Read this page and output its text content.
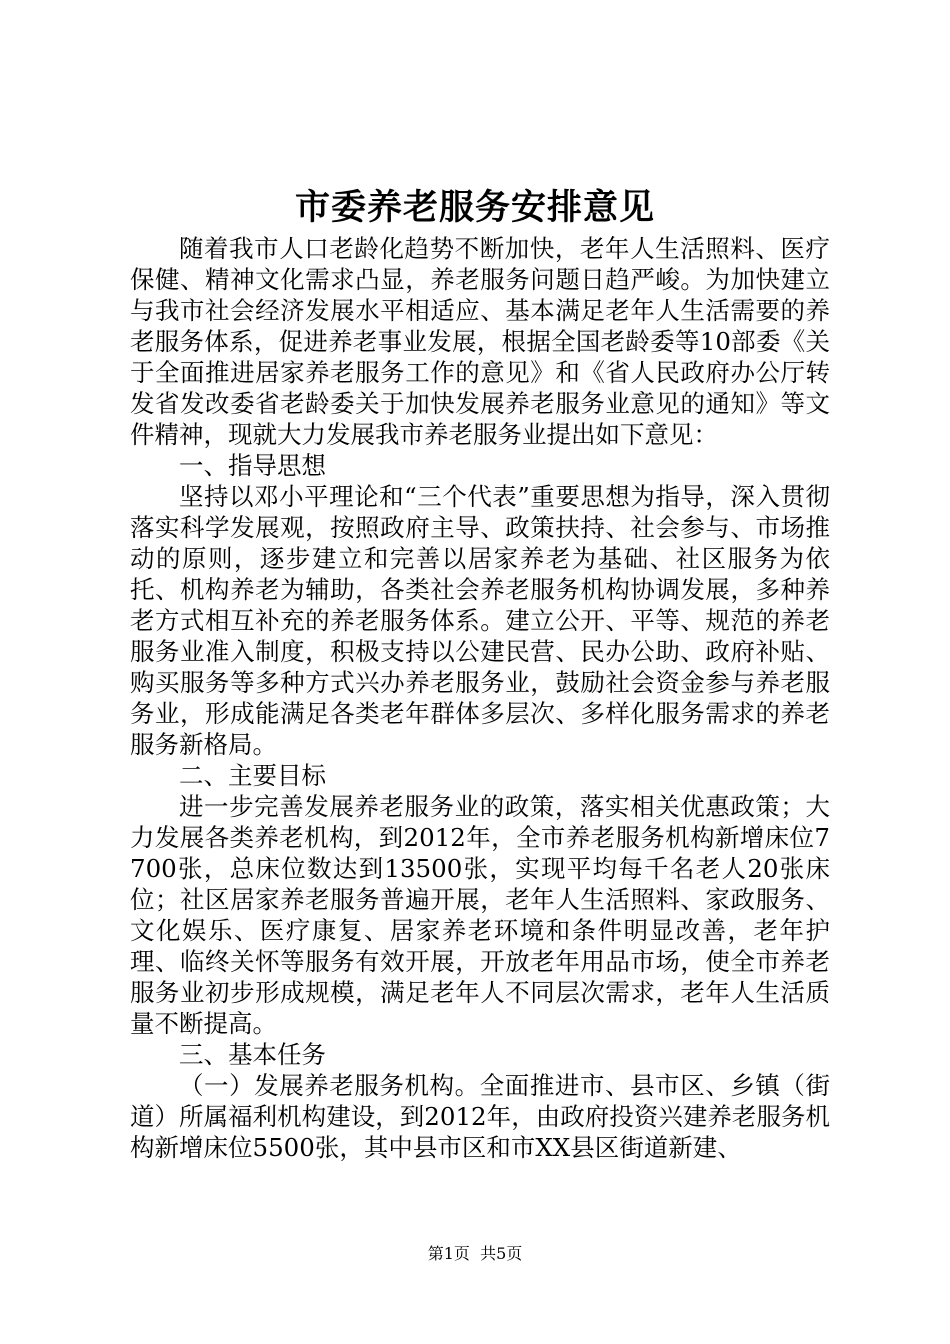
市委养老服务安排意见

随着我市人口老龄化趋势不断加快，老年人生活照料、医疗保健、精神文化需求凸显，养老服务问题日趋严峻。为加快建立与我市社会经济发展水平相适应、基本满足老年人生活需要的养老服务体系，促进养老事业发展，根据全国老龄委等10部委《关于全面推进居家养老服务工作的意见》和《省人民政府办公厅转发省发改委省老龄委关于加快发展养老服务业意见的通知》等文件精神，现就大力发展我市养老服务业提出如下意见：

一、指导思想

坚持以邓小平理论和“三个代表”重要思想为指导，深入贯彻落实科学发展观，按照政府主导、政策扶持、社会参与、市场推动的原则，逐步建立和完善以居家养老为基础、社区服务为依托、机构养老为辅助，各类社会养老服务机构协调发展，多种养老方式相互补充的养老服务体系。建立公开、平等、规范的养老服务业准入制度，积极支持以公建民营、民办公助、政府补贴、购买服务等多种方式兴办养老服务业，鼓励社会资金参与养老服务业，形成能满足各类老年群体多层次、多样化服务需求的养老服务新格局。

二、主要目标

进一步完善发展养老服务业的政策，落实相关优惠政策；大力发展各类养老机构，到2012年，全市养老服务机构新增床位7700张，总床位数达到13500张，实现平均每千名老人20张床位；社区居家养老服务普遍开展，老年人生活照料、家政服务、文化娱乐、医疗康复、居家养老环境和条件明显改善，老年护理、临终关怀等服务有效开展，开放老年用品市场，使全市养老服务业初步形成规模，满足老年人不同层次需求，老年人生活质量不断提高。

三、基本任务

（一）发展养老服务机构。全面推进市、县市区、乡镇（街道）所属福利机构建设，到2012年，由政府投资兴建养老服务机构新增床位5500张，其中县市区和市XX县区街道新建、

第1页 共5页
